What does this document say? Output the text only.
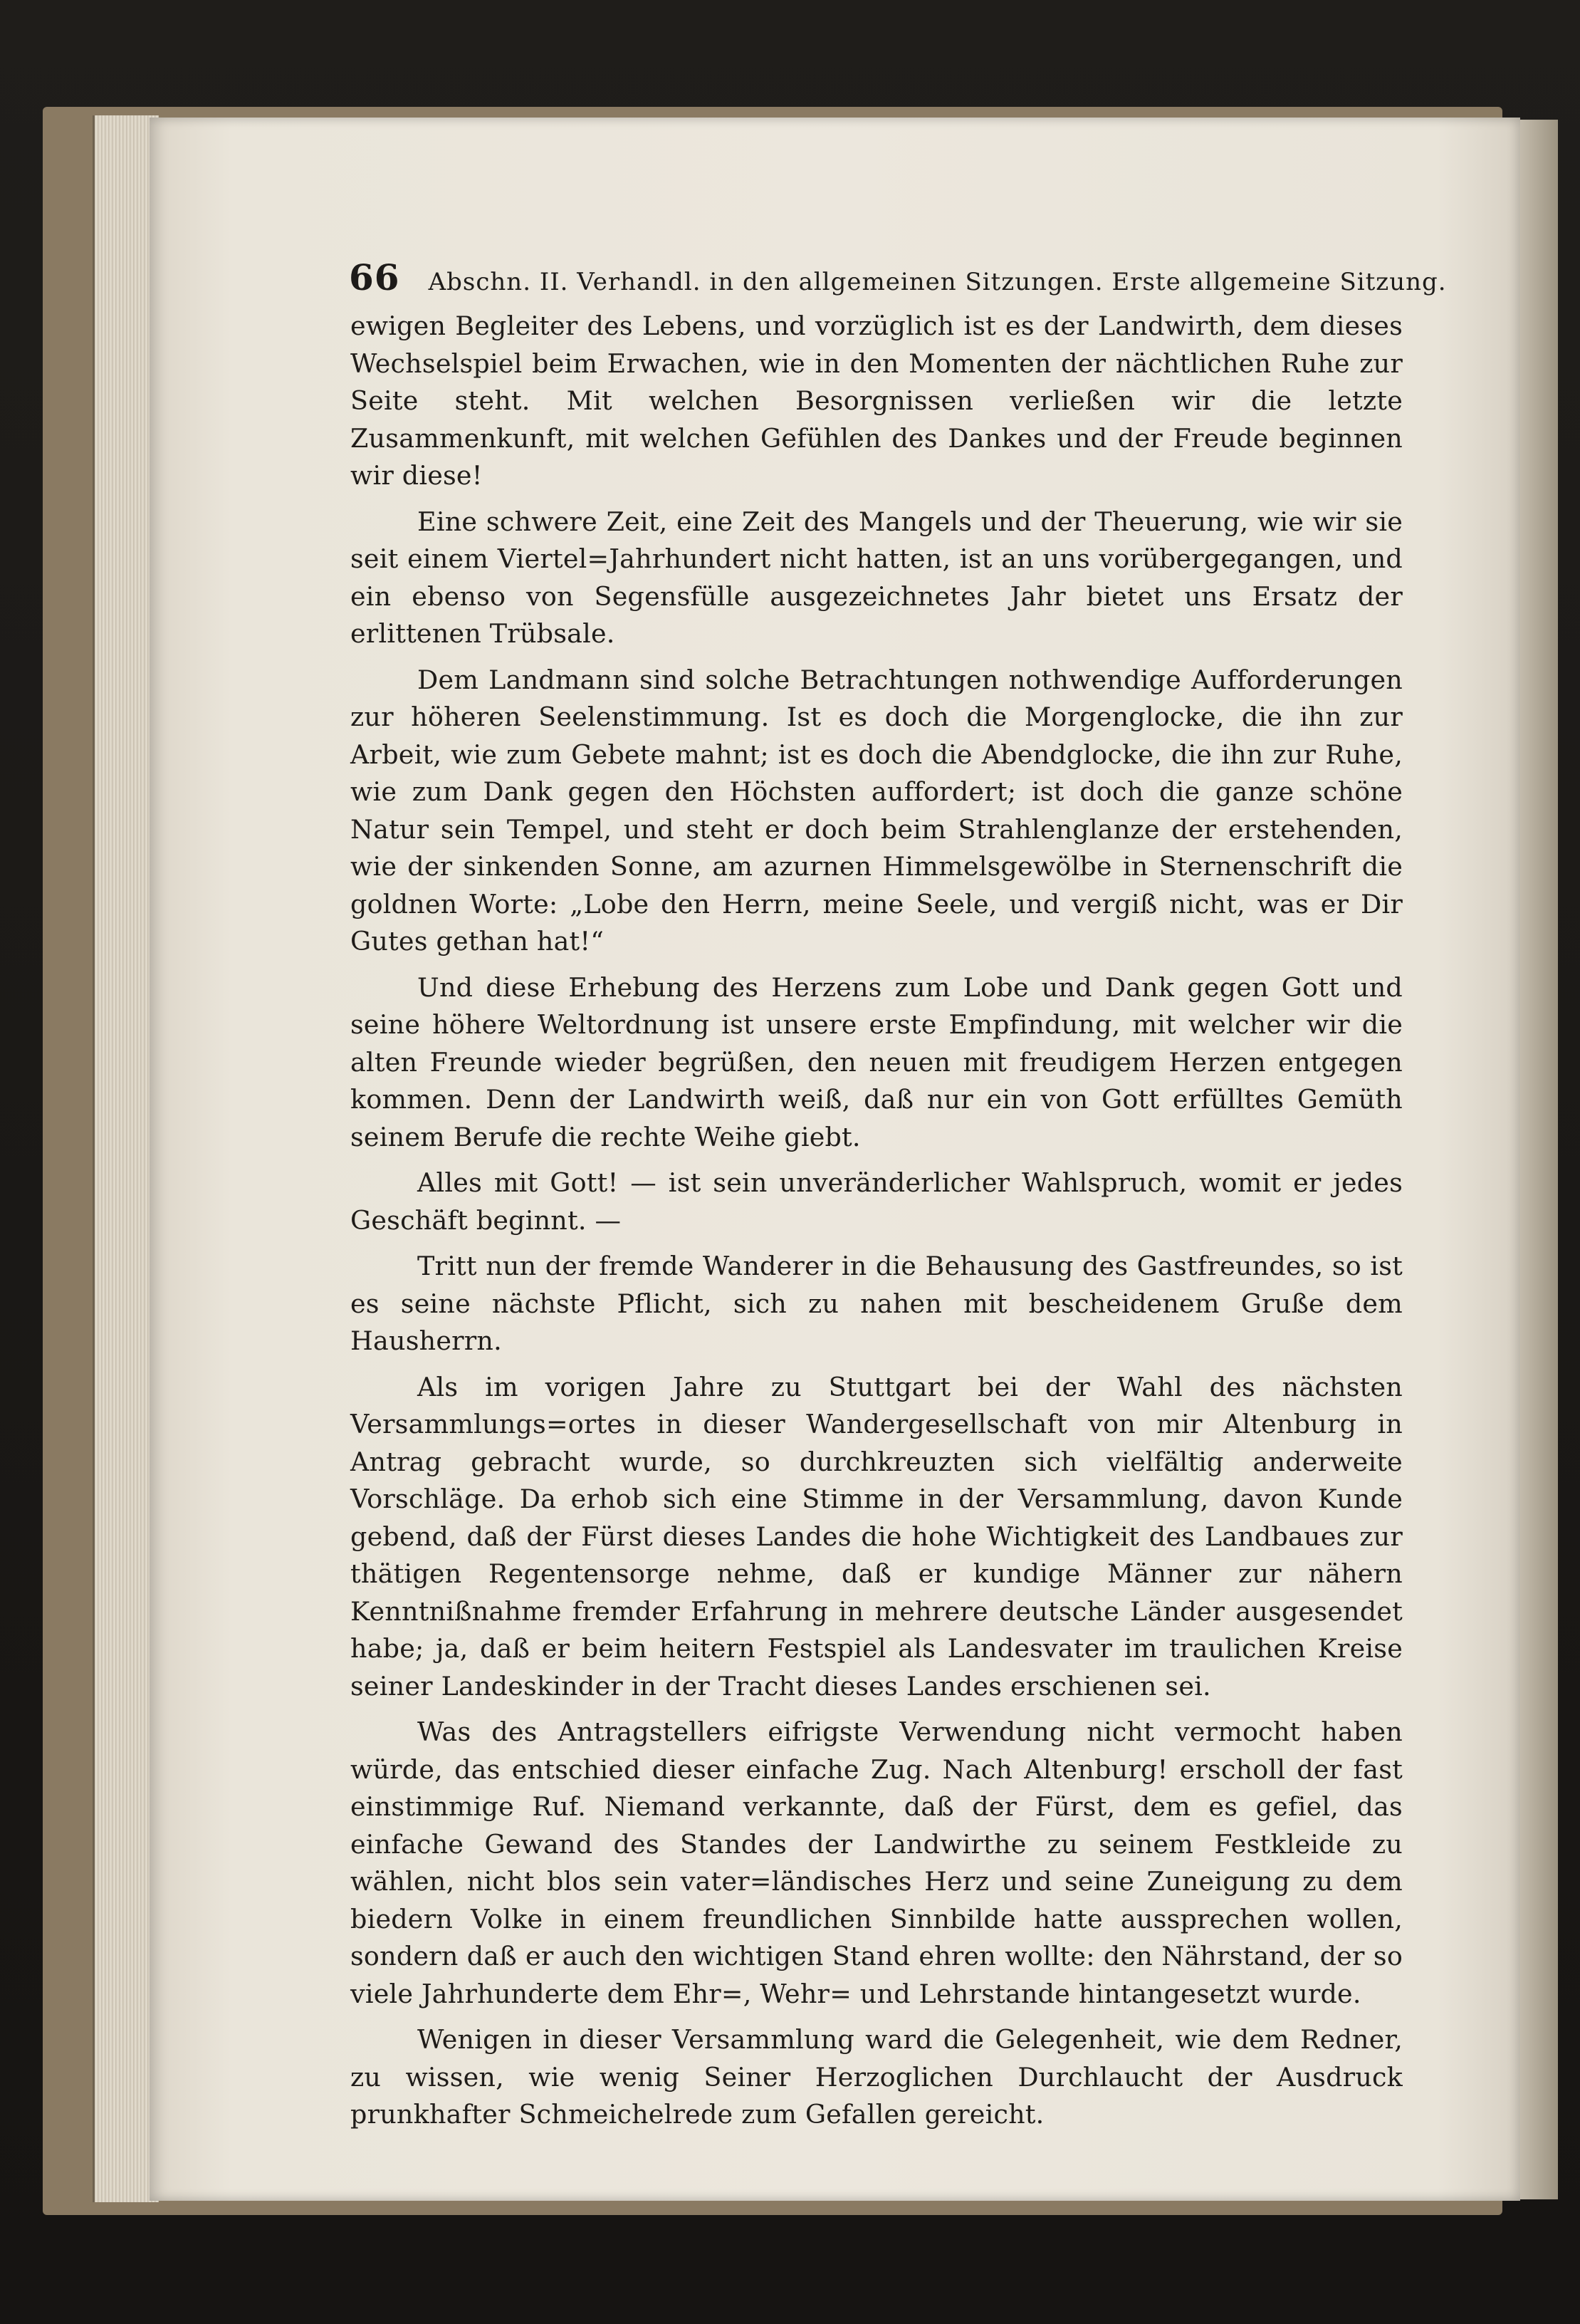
66 Abschn. II. Verhandl. in den allgemeinen Sitzungen. Erste allgemeine Sitzung.

ewigen Begleiter des Lebens, und vorzüglich ist es der Landwirth, dem dieses Wechselspiel beim Erwachen, wie in den Momenten der nächtlichen Ruhe zur Seite steht. Mit welchen Besorgnissen verließen wir die letzte Zusammenkunft, mit welchen Gefühlen des Dankes und der Freude beginnen wir diese!

Eine schwere Zeit, eine Zeit des Mangels und der Theuerung, wie wir sie seit einem Viertel=Jahrhundert nicht hatten, ist an uns vorübergegangen, und ein ebenso von Segensfülle ausgezeichnetes Jahr bietet uns Ersatz der erlittenen Trübsale.

Dem Landmann sind solche Betrachtungen nothwendige Aufforderungen zur höheren Seelenstimmung. Ist es doch die Morgenglocke, die ihn zur Arbeit, wie zum Gebete mahnt; ist es doch die Abendglocke, die ihn zur Ruhe, wie zum Dank gegen den Höchsten auffordert; ist doch die ganze schöne Natur sein Tempel, und steht er doch beim Strahlenglanze der erstehenden, wie der sinkenden Sonne, am azurnen Himmelsgewölbe in Sternenschrift die goldnen Worte: „Lobe den Herrn, meine Seele, und vergiß nicht, was er Dir Gutes gethan hat!“

Und diese Erhebung des Herzens zum Lobe und Dank gegen Gott und seine höhere Weltordnung ist unsere erste Empfindung, mit welcher wir die alten Freunde wieder begrüßen, den neuen mit freudigem Herzen entgegen kommen. Denn der Landwirth weiß, daß nur ein von Gott erfülltes Gemüth seinem Berufe die rechte Weihe giebt.

Alles mit Gott! — ist sein unveränderlicher Wahlspruch, womit er jedes Geschäft beginnt. —

Tritt nun der fremde Wanderer in die Behausung des Gastfreundes, so ist es seine nächste Pflicht, sich zu nahen mit bescheidenem Gruße dem Hausherrn.

Als im vorigen Jahre zu Stuttgart bei der Wahl des nächsten Versammlungs=ortes in dieser Wandergesellschaft von mir Altenburg in Antrag gebracht wurde, so durchkreuzten sich vielfältig anderweite Vorschläge. Da erhob sich eine Stimme in der Versammlung, davon Kunde gebend, daß der Fürst dieses Landes die hohe Wichtigkeit des Landbaues zur thätigen Regentensorge nehme, daß er kundige Männer zur nähern Kenntnißnahme fremder Erfahrung in mehrere deutsche Länder ausgesendet habe; ja, daß er beim heitern Festspiel als Landesvater im traulichen Kreise seiner Landeskinder in der Tracht dieses Landes erschienen sei.

Was des Antragstellers eifrigste Verwendung nicht vermocht haben würde, das entschied dieser einfache Zug. Nach Altenburg! erscholl der fast einstimmige Ruf. Niemand verkannte, daß der Fürst, dem es gefiel, das einfache Gewand des Standes der Landwirthe zu seinem Festkleide zu wählen, nicht blos sein vater=ländisches Herz und seine Zuneigung zu dem biedern Volke in einem freundlichen Sinnbilde hatte aussprechen wollen, sondern daß er auch den wichtigen Stand ehren wollte: den Nährstand, der so viele Jahrhunderte dem Ehr=, Wehr= und Lehrstande hintangesetzt wurde.

Wenigen in dieser Versammlung ward die Gelegenheit, wie dem Redner, zu wissen, wie wenig Seiner Herzoglichen Durchlaucht der Ausdruck prunkhafter Schmeichelrede zum Gefallen gereicht.
